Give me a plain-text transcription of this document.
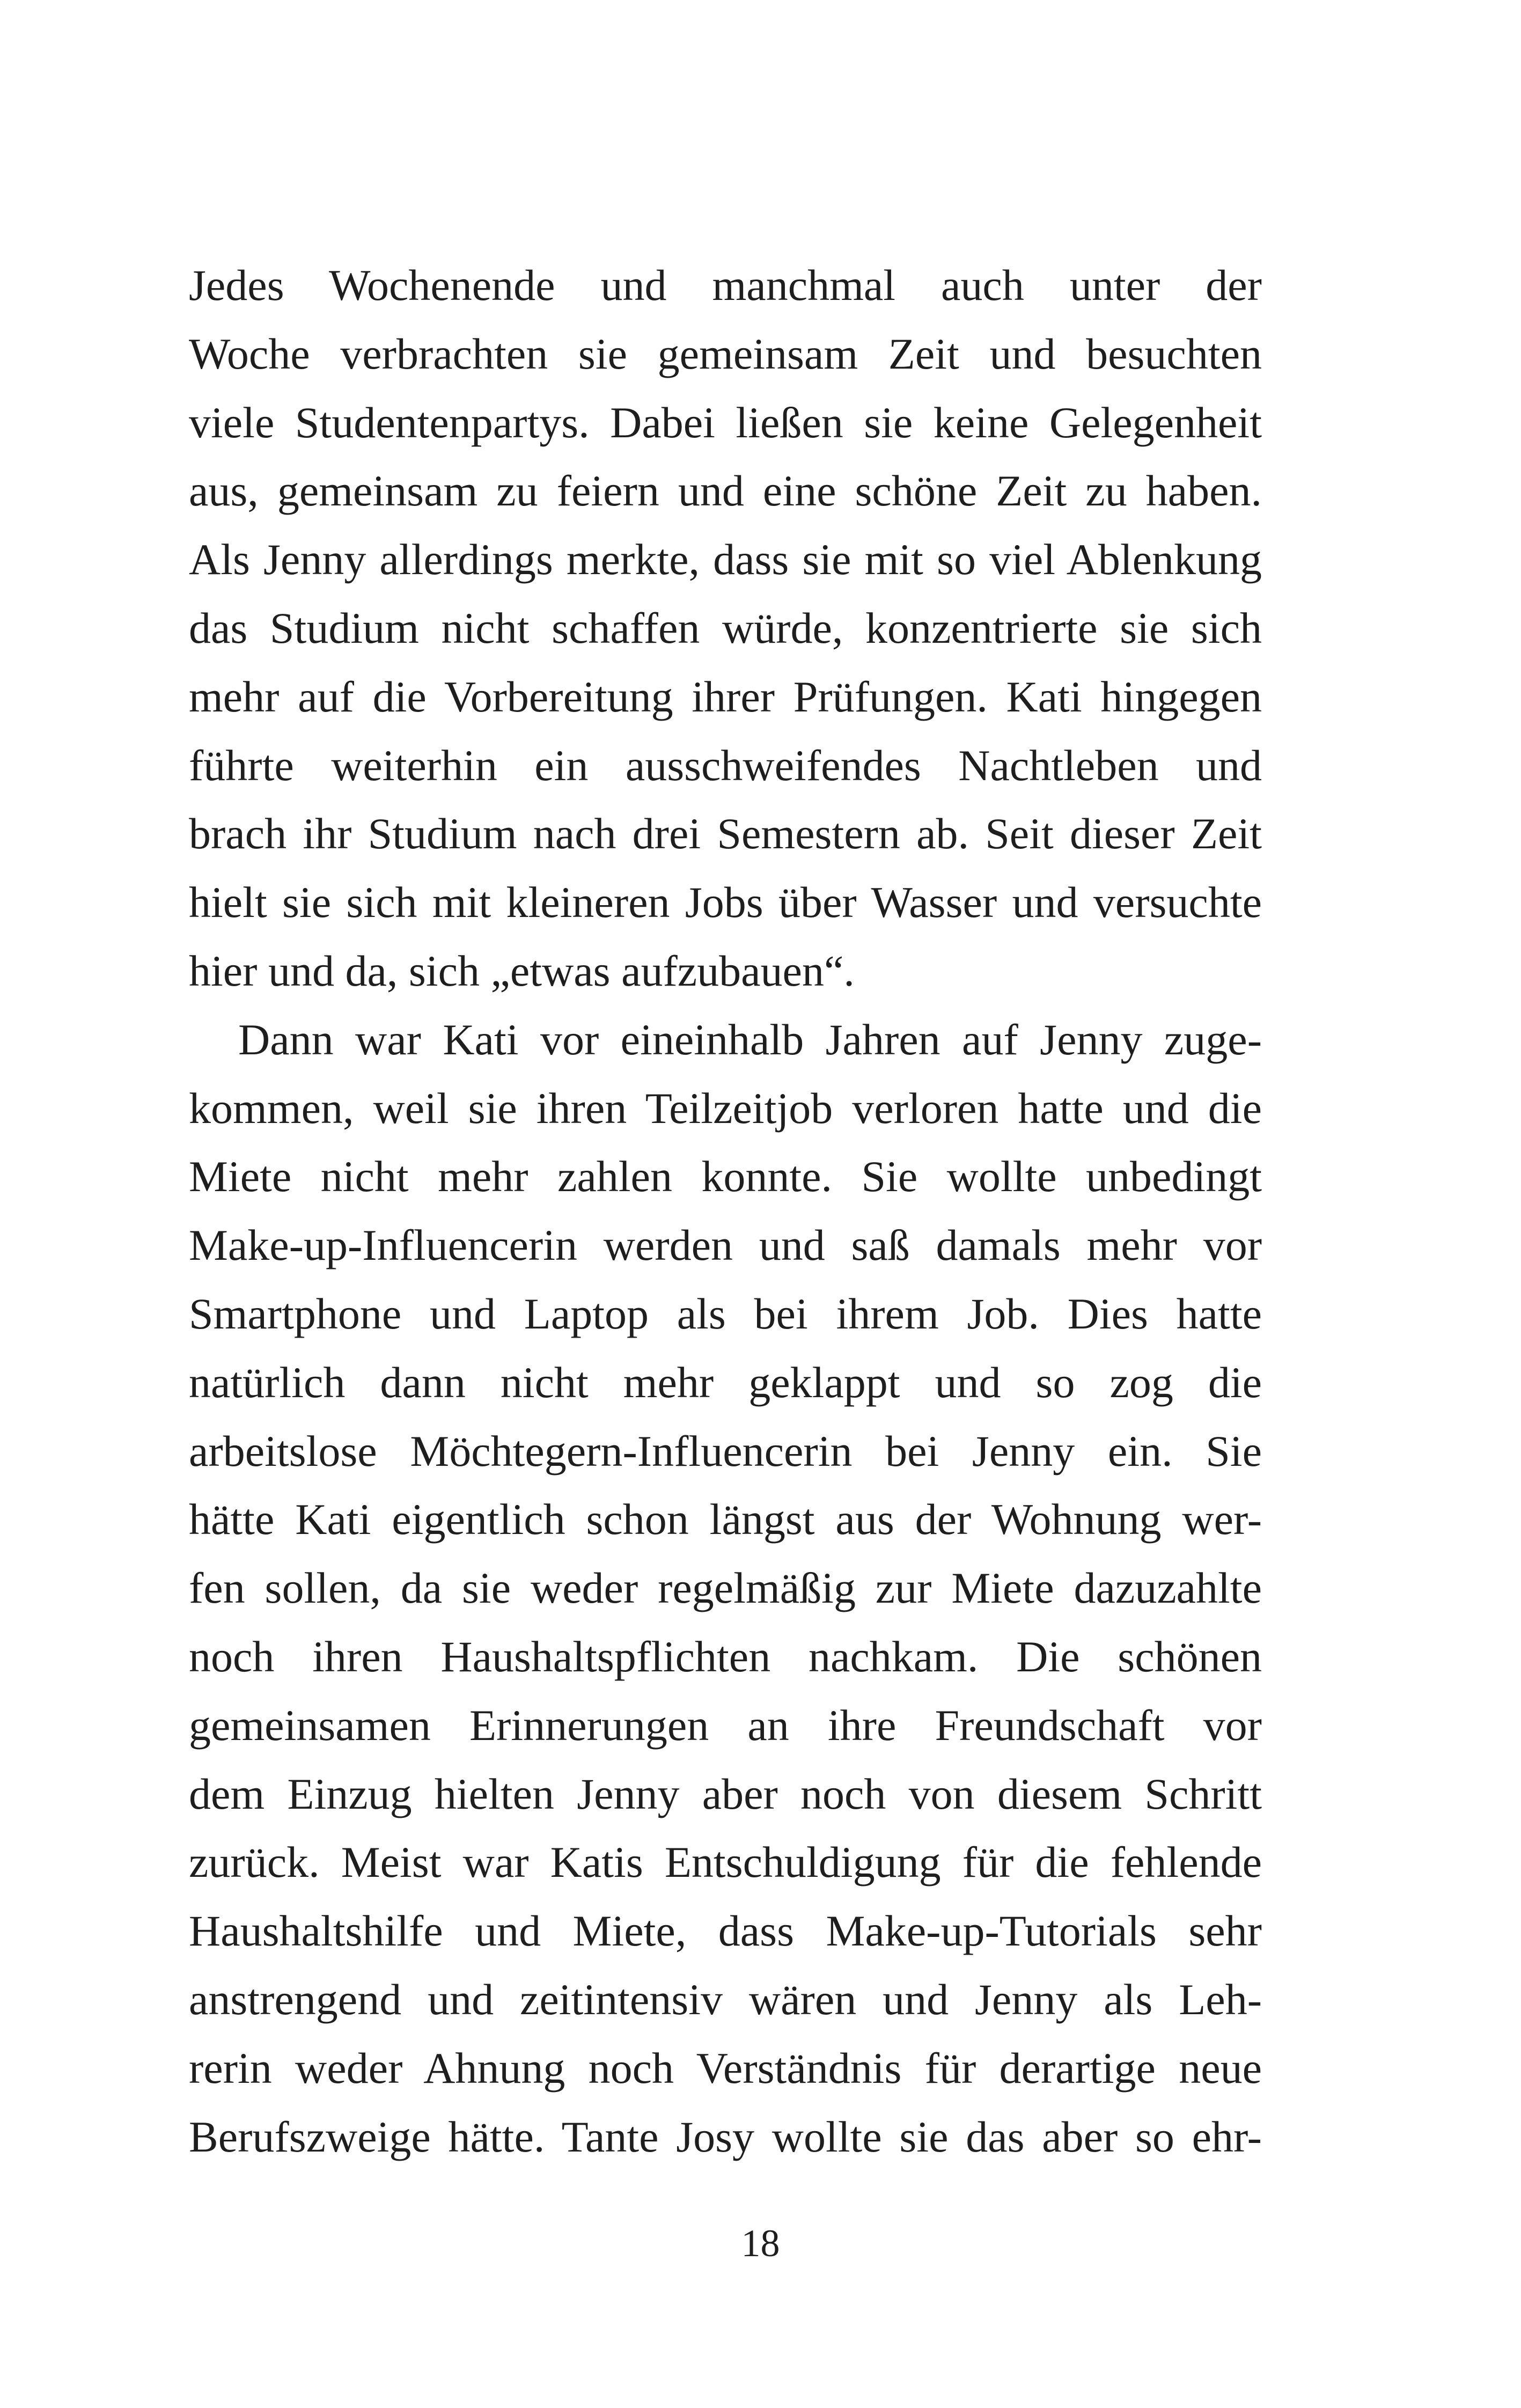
Jedes Wochenende und manchmal auch unter der
Woche verbrachten sie gemeinsam Zeit und besuchten
viele Studentenpartys. Dabei ließen sie keine Gelegenheit
aus, gemeinsam zu feiern und eine schöne Zeit zu haben.
Als Jenny allerdings merkte, dass sie mit so viel Ablenkung
das Studium nicht schaffen würde, konzentrierte sie sich
mehr auf die Vorbereitung ihrer Prüfungen. Kati hingegen
führte weiterhin ein ausschweifendes Nachtleben und
brach ihr Studium nach drei Semestern ab. Seit dieser Zeit
hielt sie sich mit kleineren Jobs über Wasser und versuchte
hier und da, sich „etwas aufzubauen“.
Dann war Kati vor eineinhalb Jahren auf Jenny zuge-
kommen, weil sie ihren Teilzeitjob verloren hatte und die
Miete nicht mehr zahlen konnte. Sie wollte unbedingt
Make-up-Influencerin werden und saß damals mehr vor
Smartphone und Laptop als bei ihrem Job. Dies hatte
natürlich dann nicht mehr geklappt und so zog die
arbeitslose Möchtegern-Influencerin bei Jenny ein. Sie
hätte Kati eigentlich schon längst aus der Wohnung wer-
fen sollen, da sie weder regelmäßig zur Miete dazuzahlte
noch ihren Haushaltspflichten nachkam. Die schönen
gemeinsamen Erinnerungen an ihre Freundschaft vor
dem Einzug hielten Jenny aber noch von diesem Schritt
zurück. Meist war Katis Entschuldigung für die fehlende
Haushaltshilfe und Miete, dass Make-up-Tutorials sehr
anstrengend und zeitintensiv wären und Jenny als Leh-
rerin weder Ahnung noch Verständnis für derartige neue
Berufszweige hätte. Tante Josy wollte sie das aber so ehr-
18
